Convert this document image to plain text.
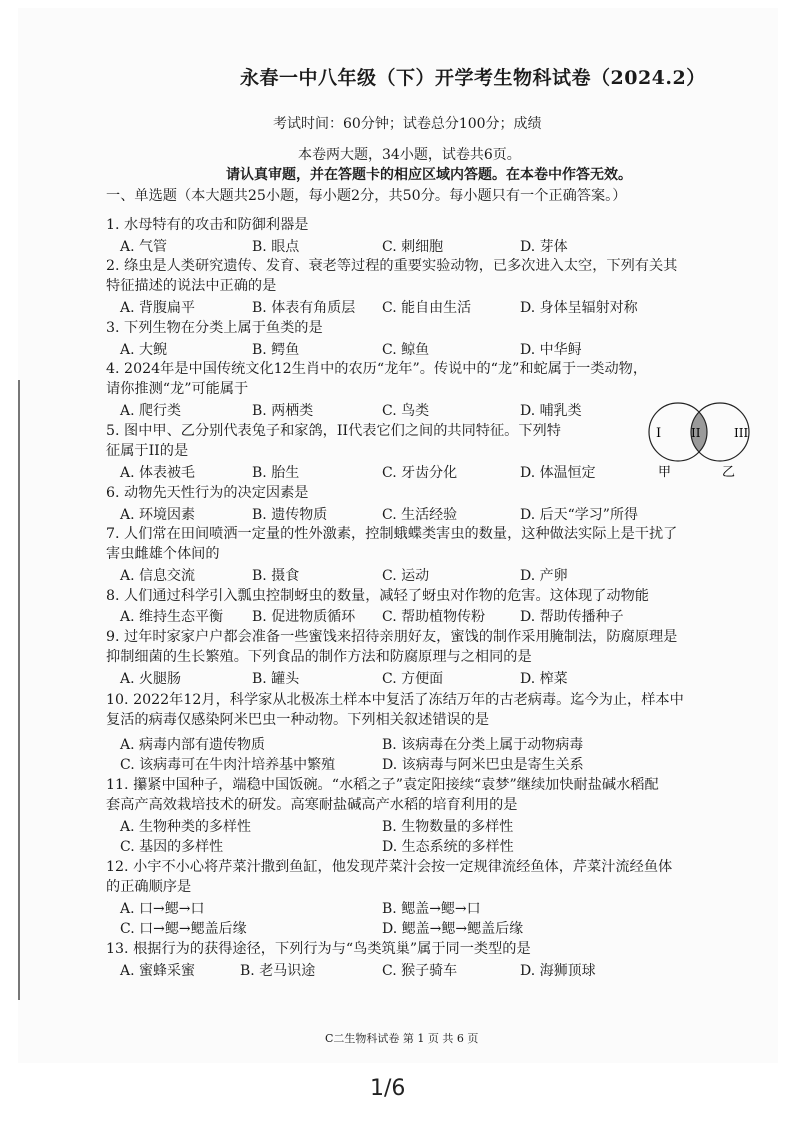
永春一中八年级（下）开学考生物科试卷（2024.2）
考试时间：60分钟；试卷总分100分；成绩
本卷两大题，34小题，试卷共6页。
请认真审题，并在答题卡的相应区域内答题。在本卷中作答无效。
一、单选题（本大题共25小题，每小题2分，共50分。每小题只有一个正确答案。）
1. 水母特有的攻击和防御利器是
A. 气管	B. 眼点	C. 刺细胞	D. 芽体
2. 绦虫是人类研究遗传、发育、衰老等过程的重要实验动物，已多次进入太空，下列有关其
特征描述的说法中正确的是
A. 背腹扁平	B. 体表有角质层 C. 能自由生活	D. 身体呈辐射对称
3. 下列生物在分类上属于鱼类的是
A. 大鲵	B. 鳄鱼	C. 鲸鱼	D. 中华鲟
4. 2024年是中国传统文化12生肖中的农历“龙年”。传说中的“龙”和蛇属于一类动物，
请你推测“龙”可能属于
A. 爬行类	B. 两栖类	C. 鸟类	D. 哺乳类
5. 图中甲、乙分别代表兔子和家鸽，II代表它们之间的共同特征。下列特
征属于II的是
A. 体表被毛	B. 胎生	C. 牙齿分化	D. 体温恒定
I II	III
甲	乙
6. 动物先天性行为的决定因素是
A. 环境因素	B. 遗传物质	C. 生活经验	D. 后天“学习”所得
7. 人们常在田间喷洒一定量的性外激素，控制蛾蝶类害虫的数量，这种做法实际上是干扰了
害虫雌雄个体间的
A. 信息交流	B. 摄食	C. 运动	D. 产卵
8. 人们通过科学引入瓢虫控制蚜虫的数量，减轻了蚜虫对作物的危害。这体现了动物能
A. 维持生态平衡 B. 促进物质循环 C. 帮助植物传粉 D. 帮助传播种子
9. 过年时家家户户都会准备一些蜜饯来招待亲朋好友，蜜饯的制作采用腌制法，防腐原理是
抑制细菌的生长繁殖。下列食品的制作方法和防腐原理与之相同的是
A. 火腿肠	B. 罐头	C. 方便面	D. 榨菜
10. 2022年12月，科学家从北极冻土样本中复活了冻结万年的古老病毒。迄今为止，样本中
复活的病毒仅感染阿米巴虫一种动物。下列相关叙述错误的是
A. 病毒内部有遗传物质	B. 该病毒在分类上属于动物病毒
C. 该病毒可在牛肉汁培养基中繁殖	D. 该病毒与阿米巴虫是寄生关系
11. 攥紧中国种子，端稳中国饭碗。“水稻之子”袁定阳接续“袁梦”继续加快耐盐碱水稻配
套高产高效栽培技术的研发。高寒耐盐碱高产水稻的培育利用的是
A. 生物种类的多样性	B. 生物数量的多样性
C. 基因的多样性	D. 生态系统的多样性
12. 小宇不小心将芹菜汁撒到鱼缸，他发现芹菜汁会按一定规律流经鱼体，芹菜汁流经鱼体
的正确顺序是
A. 口→鳃→口	B. 鳃盖→鳃→口
C. 口→鳃→鳃盖后缘	D. 鳃盖→鳃→鳃盖后缘
13. 根据行为的获得途径，下列行为与“鸟类筑巢”属于同一类型的是
A. 蜜蜂采蜜	B. 老马识途	C. 猴子骑车	D. 海狮顶球
C二生物科试卷 第 1 页 共 6 页
1/6
